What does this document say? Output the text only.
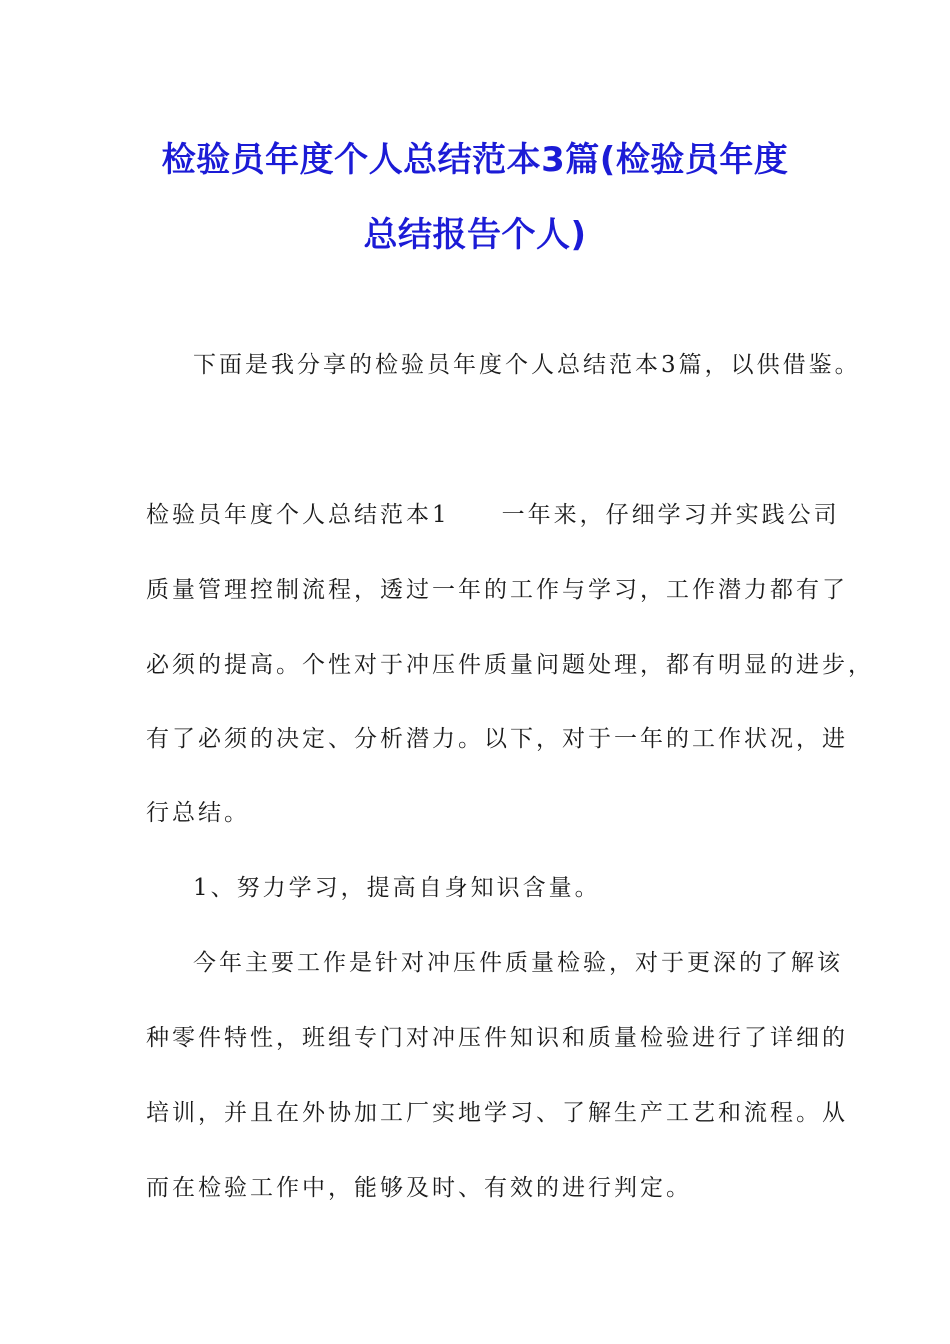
检验员年度个人总结范本3篇(检验员年度
总结报告个人)
下面是我分享的检验员年度个人总结范本3篇，以供借鉴。
检验员年度个人总结范本1　　一年来，仔细学习并实践公司
质量管理控制流程，透过一年的工作与学习，工作潜力都有了
必须的提高。个性对于冲压件质量问题处理，都有明显的进步，
有了必须的决定、分析潜力。以下，对于一年的工作状况，进
行总结。
1、努力学习，提高自身知识含量。
今年主要工作是针对冲压件质量检验，对于更深的了解该
种零件特性，班组专门对冲压件知识和质量检验进行了详细的
培训，并且在外协加工厂实地学习、了解生产工艺和流程。从
而在检验工作中，能够及时、有效的进行判定。
